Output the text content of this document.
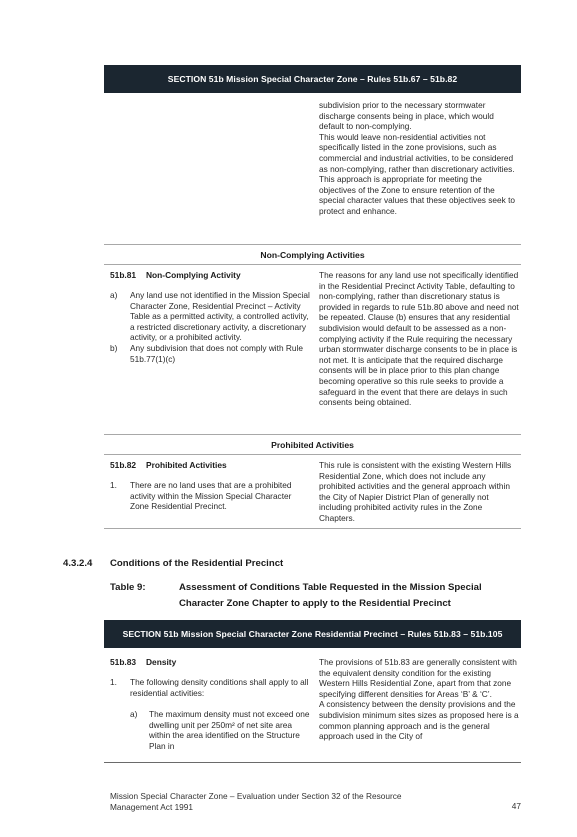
SECTION 51b Mission Special Character Zone – Rules 51b.67 – 51b.82

subdivision prior to the necessary stormwater discharge consents being in place, which would default to non-complying.

This would leave non-residential activities not specifically listed in the zone provisions, such as commercial and industrial activities, to be considered as non-complying, rather than discretionary activities. This approach is appropriate for meeting the objectives of the Zone to ensure retention of the special character values that these objectives seek to protect and enhance.

Non-Complying Activities
51b.81 Non-Complying Activity
a) Any land use not identified in the Mission Special Character Zone, Residential Precinct – Activity Table as a permitted activity, a controlled activity, a restricted discretionary activity, a discretionary activity, or a prohibited activity.
b) Any subdivision that does not comply with Rule 51b.77(1)(c)
The reasons for any land use not specifically identified in the Residential Precinct Activity Table, defaulting to non-complying, rather than discretionary status is provided in regards to rule 51b.80 above and need not be repeated. Clause (b) ensures that any residential subdivision would default to be assessed as a non-complying activity if the Rule requiring the necessary urban stormwater discharge consents to be in place is not met. It is anticipate that the required discharge consents will be in place prior to this plan change becoming operative so this rule seeks to provide a safeguard in the event that there are delays in such consents being obtained.
Prohibited Activities
51b.82 Prohibited Activities
1. There are no land uses that are a prohibited activity within the Mission Special Character Zone Residential Precinct.
This rule is consistent with the existing Western Hills Residential Zone, which does not include any prohibited activities and the general approach within the City of Napier District Plan of generally not including prohibited activity rules in the Zone Chapters.
4.3.2.4 Conditions of the Residential Precinct
Table 9:	Assessment of Conditions Table Requested in the Mission Special
Character Zone Chapter to apply to the Residential Precinct
SECTION 51b Mission Special Character Zone Residential Precinct – Rules 51b.83 – 51b.105
51b.83 Density
1. The following density conditions shall apply to all residential activities:
a) The maximum density must not exceed one dwelling unit per 250m² of net site area within the area identified on the Structure Plan in

The provisions of 51b.83 are generally consistent with the equivalent density condition for the existing Western Hills Residential Zone, apart from that zone specifying different densities for Areas ‘B’ & ‘C’.

A consistency between the density provisions and the subdivision minimum sites sizes as proposed here is a common planning approach and is the general approach used in the City of

Mission Special Character Zone – Evaluation under Section 32 of the Resource
Management Act 1991	47
